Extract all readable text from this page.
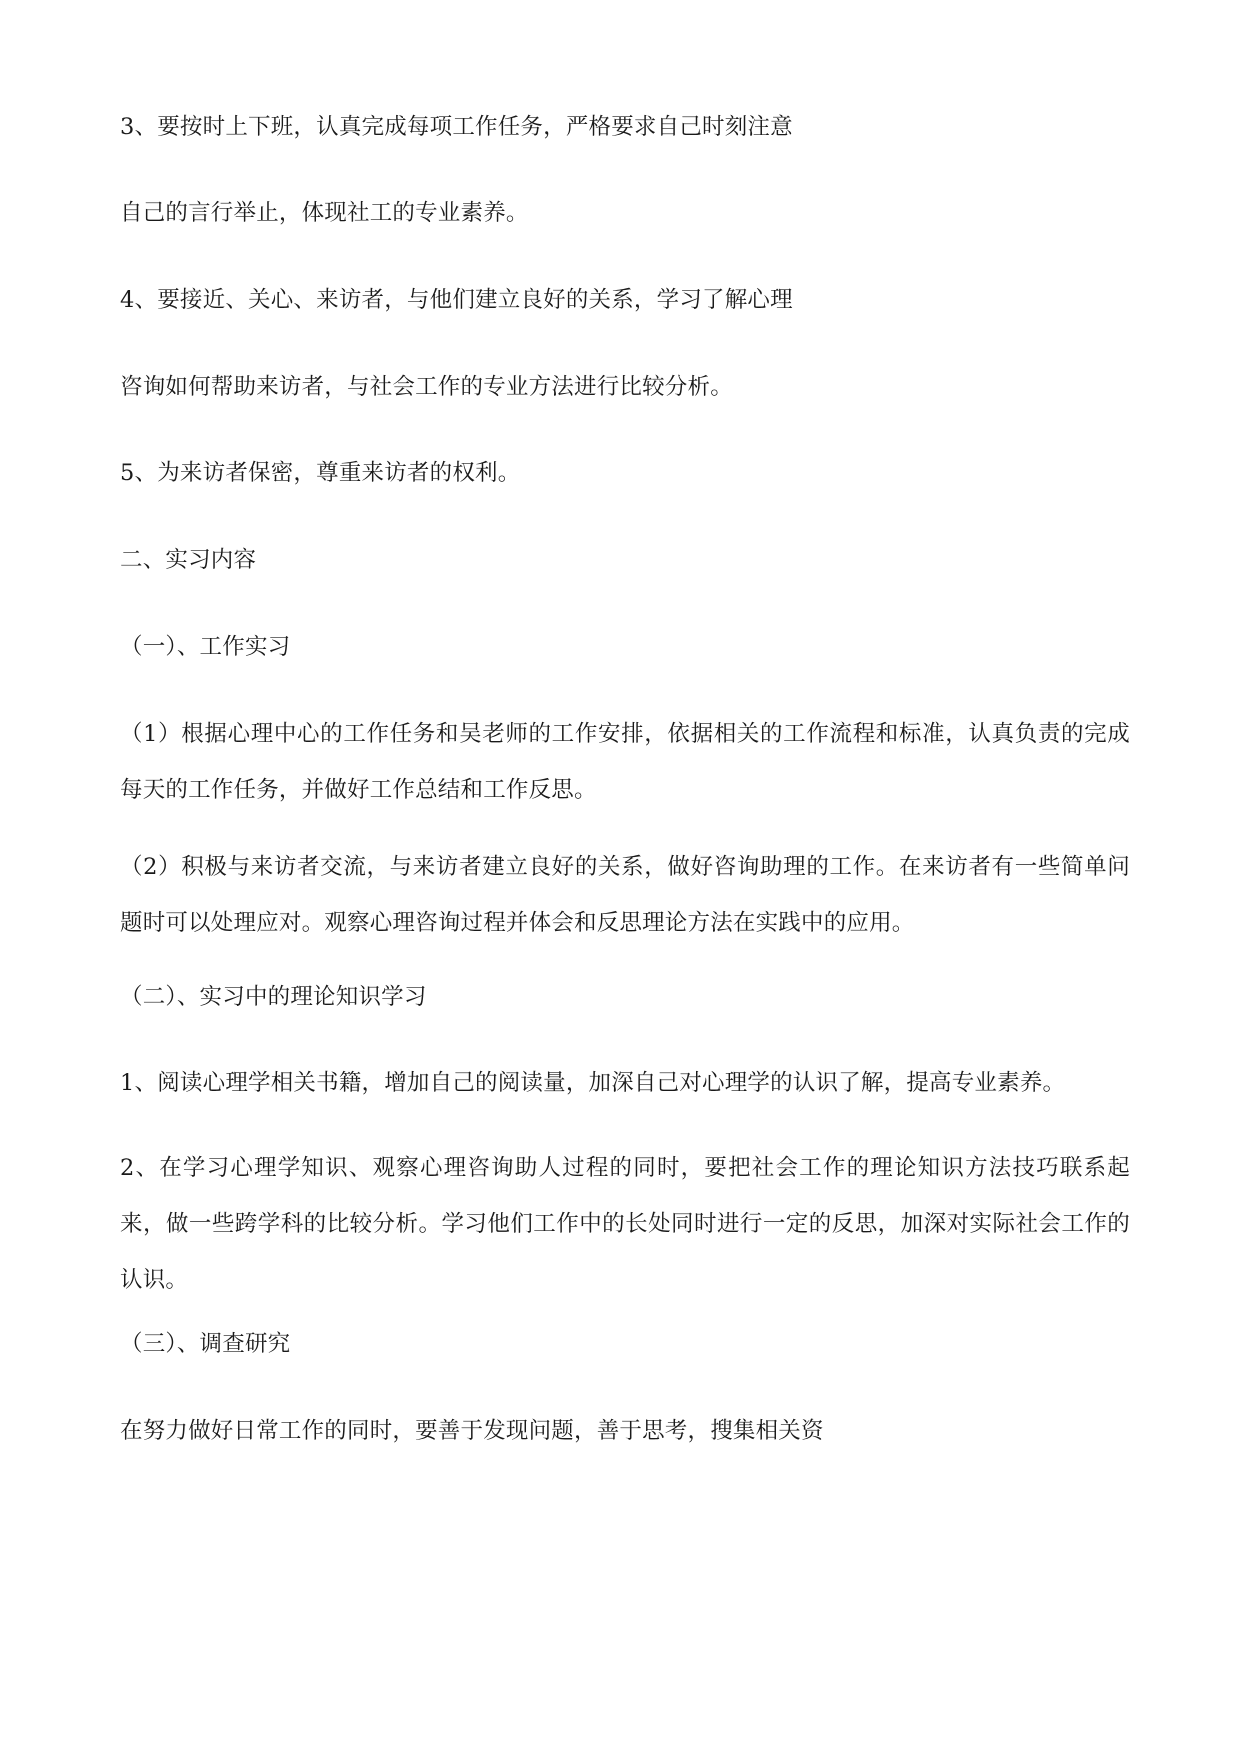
3、要按时上下班，认真完成每项工作任务，严格要求自己时刻注意
自己的言行举止，体现社工的专业素养。
4、要接近、关心、来访者，与他们建立良好的关系，学习了解心理
咨询如何帮助来访者，与社会工作的专业方法进行比较分析。
5、为来访者保密，尊重来访者的权利。
二、实习内容
（一）、工作实习
（1）根据心理中心的工作任务和吴老师的工作安排，依据相关的工作流程和标准，认真负责的完成每天的工作任务，并做好工作总结和工作反思。
（2）积极与来访者交流，与来访者建立良好的关系，做好咨询助理的工作。在来访者有一些简单问题时可以处理应对。观察心理咨询过程并体会和反思理论方法在实践中的应用。
（二）、实习中的理论知识学习
1、阅读心理学相关书籍，增加自己的阅读量，加深自己对心理学的认识了解，提高专业素养。
2、在学习心理学知识、观察心理咨询助人过程的同时，要把社会工作的理论知识方法技巧联系起来，做一些跨学科的比较分析。学习他们工作中的长处同时进行一定的反思，加深对实际社会工作的认识。
（三）、调查研究
在努力做好日常工作的同时，要善于发现问题，善于思考，搜集相关资
